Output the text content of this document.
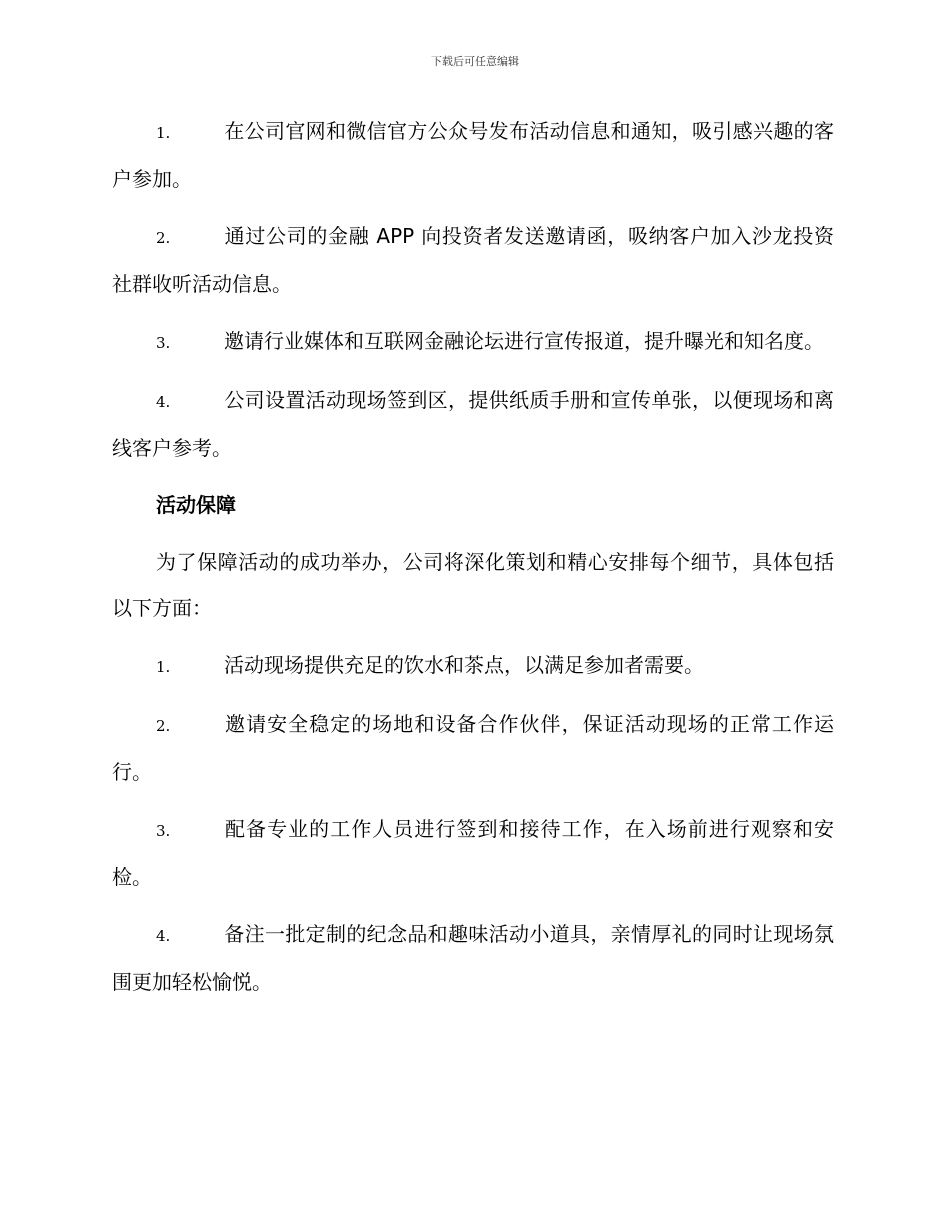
下载后可任意编辑

1.	在公司官网和微信官方公众号发布活动信息和通知，吸引感兴趣的客户参加。

2.	通过公司的金融 APP 向投资者发送邀请函，吸纳客户加入沙龙投资社群收听活动信息。

3.	邀请行业媒体和互联网金融论坛进行宣传报道，提升曝光和知名度。

4.	公司设置活动现场签到区，提供纸质手册和宣传单张，以便现场和离线客户参考。

活动保障

为了保障活动的成功举办，公司将深化策划和精心安排每个细节，具体包括以下方面：

1.	活动现场提供充足的饮水和茶点，以满足参加者需要。

2.	邀请安全稳定的场地和设备合作伙伴，保证活动现场的正常工作运行。

3.	配备专业的工作人员进行签到和接待工作，在入场前进行观察和安检。

4.	备注一批定制的纪念品和趣味活动小道具，亲情厚礼的同时让现场氛围更加轻松愉悦。
